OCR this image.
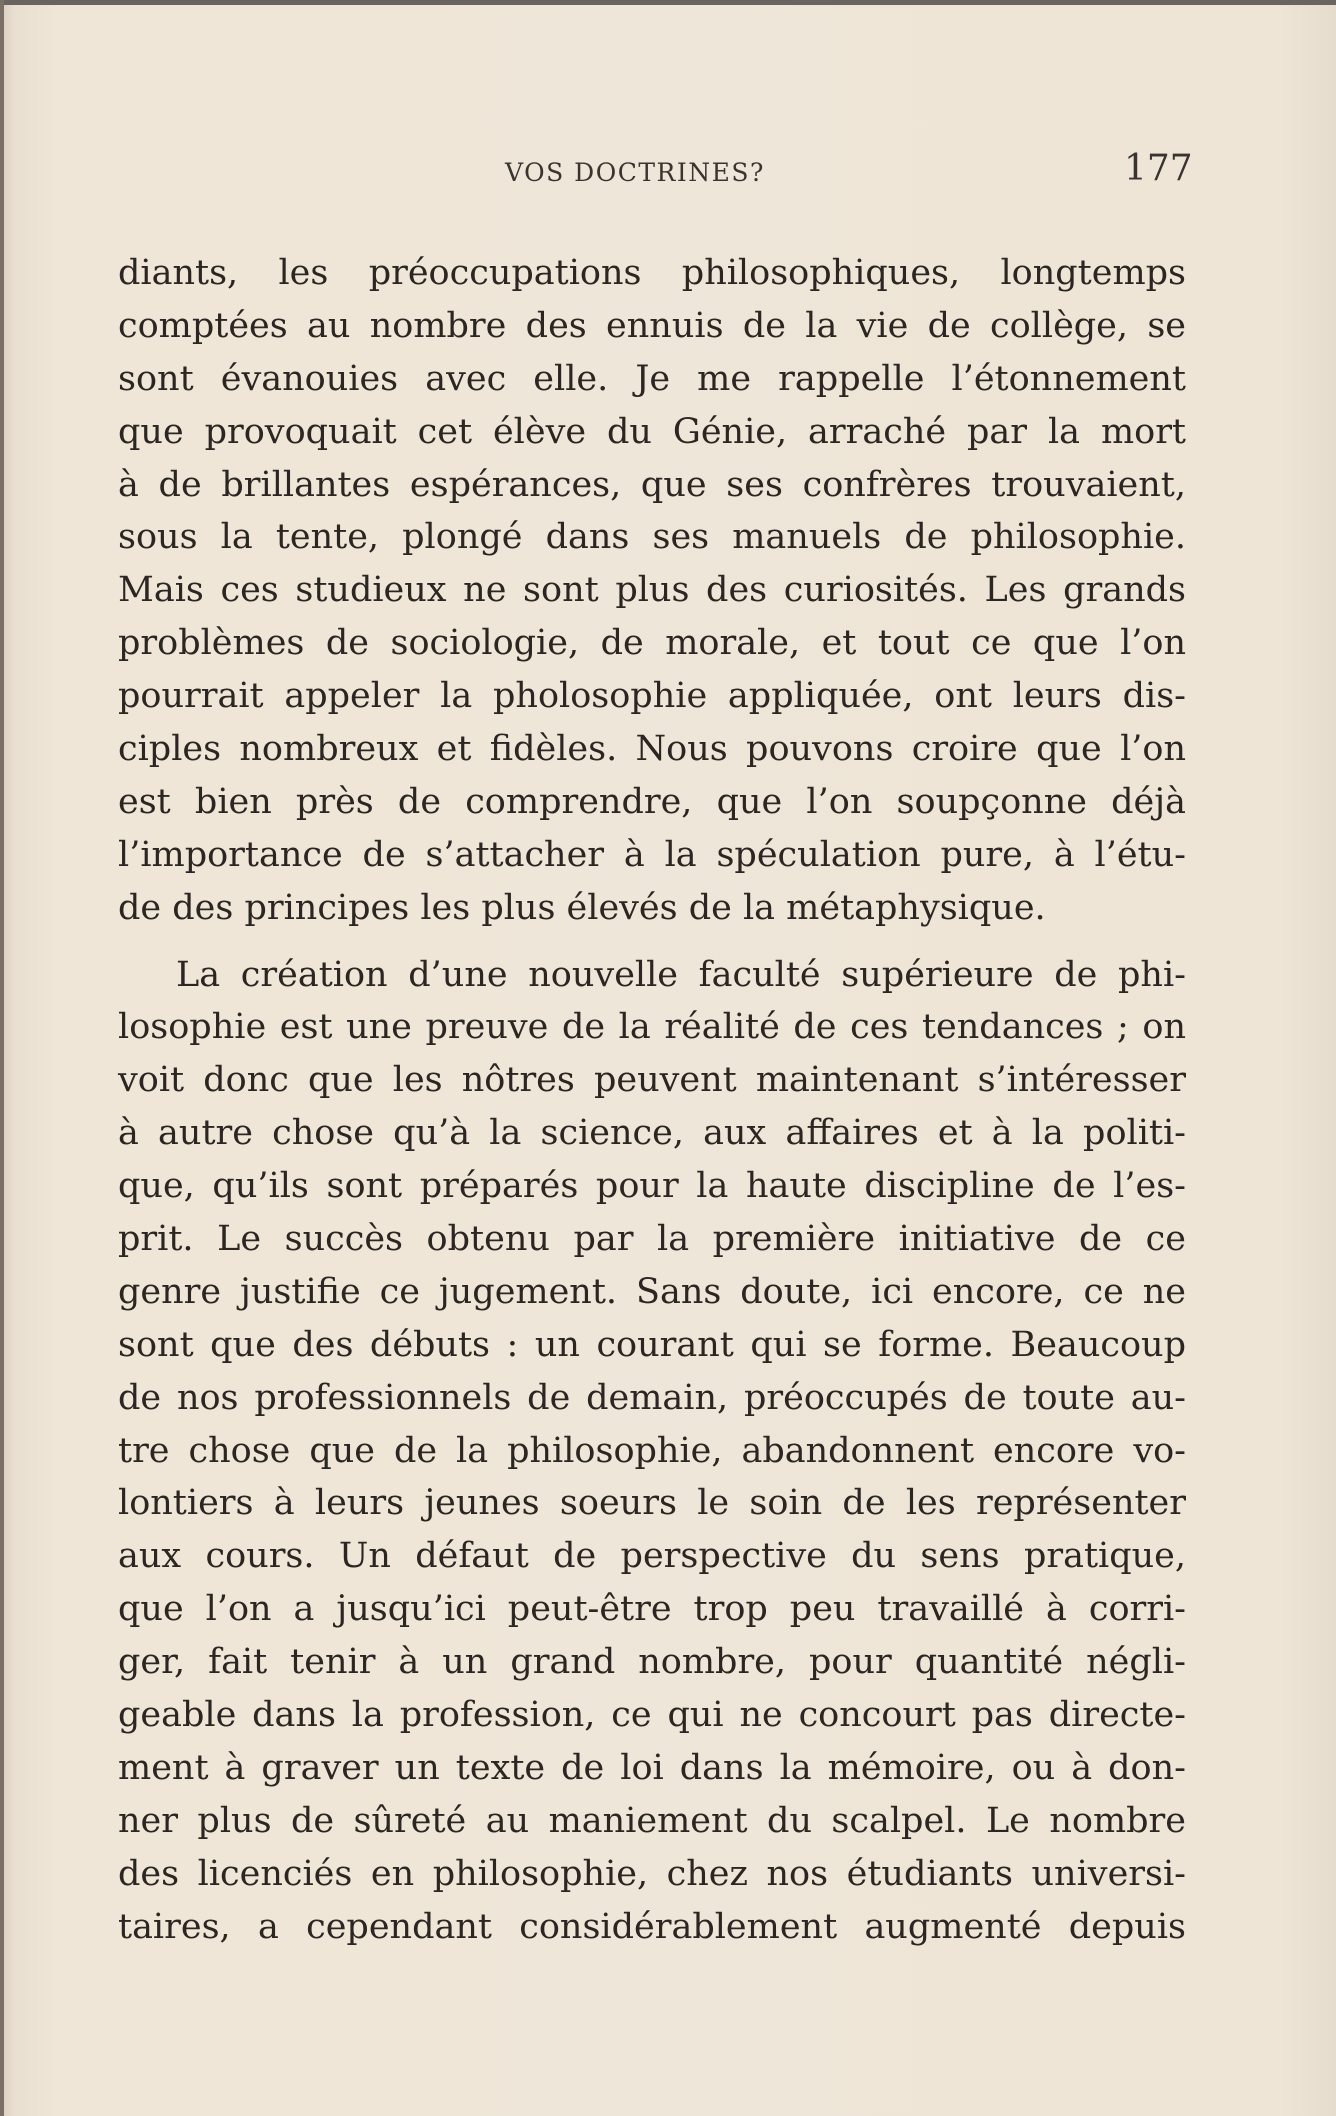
VOS DOCTRINES?	177
diants, les préoccupations philosophiques, longtemps
comptées au nombre des ennuis de la vie de collège, se
sont évanouies avec elle. Je me rappelle l’étonnement
que provoquait cet élève du Génie, arraché par la mort
à de brillantes espérances, que ses confrères trouvaient,
sous la tente, plongé dans ses manuels de philosophie.
Mais ces studieux ne sont plus des curiosités. Les grands
problèmes de sociologie, de morale, et tout ce que l’on
pourrait appeler la pholosophie appliquée, ont leurs dis-
ciples nombreux et fidèles. Nous pouvons croire que l’on
est bien près de comprendre, que l’on soupçonne déjà
l’importance de s’attacher à la spéculation pure, à l’étu-
de des principes les plus élevés de la métaphysique.
La création d’une nouvelle faculté supérieure de phi-
losophie est une preuve de la réalité de ces tendances ; on
voit donc que les nôtres peuvent maintenant s’intéresser
à autre chose qu’à la science, aux affaires et à la politi-
que, qu’ils sont préparés pour la haute discipline de l’es-
prit. Le succès obtenu par la première initiative de ce
genre justifie ce jugement. Sans doute, ici encore, ce ne
sont que des débuts : un courant qui se forme. Beaucoup
de nos professionnels de demain, préoccupés de toute au-
tre chose que de la philosophie, abandonnent encore vo-
lontiers à leurs jeunes soeurs le soin de les représenter
aux cours. Un défaut de perspective du sens pratique,
que l’on a jusqu’ici peut-être trop peu travaillé à corri-
ger, fait tenir à un grand nombre, pour quantité négli-
geable dans la profession, ce qui ne concourt pas directe-
ment à graver un texte de loi dans la mémoire, ou à don-
ner plus de sûreté au maniement du scalpel. Le nombre
des licenciés en philosophie, chez nos étudiants universi-
taires, a cependant considérablement augmenté depuis
